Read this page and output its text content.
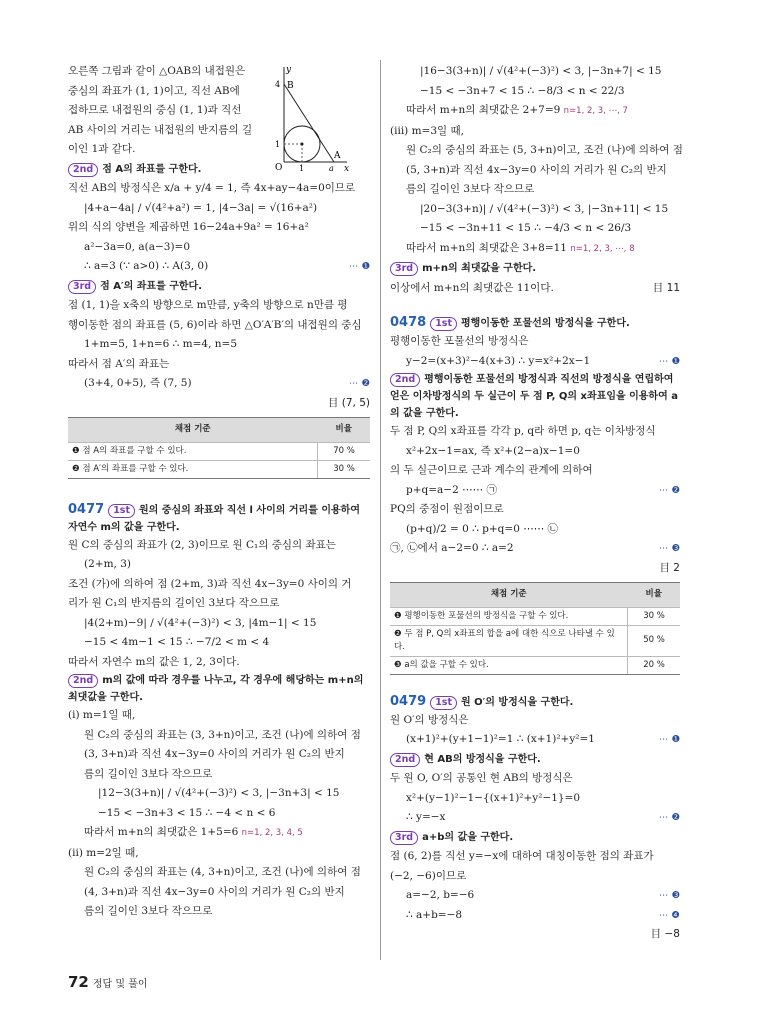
y
B
4
1
O 1	a
A
x
오른쪽 그림과 같이 △OAB의 내접원은
중심의 좌표가 (1, 1)이고, 직선 AB에
접하므로 내접원의 중심 (1, 1)과 직선
AB 사이의 거리는 내접원의 반지름의 길
이인 1과 같다.
2nd 점 A의 좌표를 구한다.
직선 AB의 방정식은 x/a + y/4 = 1, 즉 4x+ay−4a=0이므로
|4+a−4a| / √(4²+a²) = 1, |4−3a| = √(16+a²)
위의 식의 양변을 제곱하면 16−24a+9a² = 16+a²
a²−3a=0, a(a−3)=0
∴ a=3 (∵ a>0) ∴ A(3, 0)	⋯ ❶
3rd 점 A′의 좌표를 구한다.
점 (1, 1)을 x축의 방향으로 m만큼, y축의 방향으로 n만큼 평
행이동한 점의 좌표를 (5, 6)이라 하면 △O′A′B′의 내접원의 중심
1+m=5, 1+n=6 ∴ m=4, n=5
따라서 점 A′의 좌표는
(3+4, 0+5), 즉 (7, 5)	⋯ ❷
目 (7, 5)
채점 기준	비율
❶ 점 A의 좌표를 구할 수 있다.	70 %
❷ 점 A′의 좌표를 구할 수 있다.	30 %
0477 1st 원의 중심의 좌표와 직선 l 사이의 거리를 이용하여 자연수 m의 값을 구한다.
원 C의 중심의 좌표가 (2, 3)이므로 원 C₁의 중심의 좌표는
(2+m, 3)
조건 (가)에 의하여 점 (2+m, 3)과 직선 4x−3y=0 사이의 거
리가 원 C₁의 반지름의 길이인 3보다 작으므로
|4(2+m)−9| / √(4²+(−3)²) < 3, |4m−1| < 15
−15 < 4m−1 < 15 ∴ −7/2 < m < 4
따라서 자연수 m의 값은 1, 2, 3이다.
2nd m의 값에 따라 경우를 나누고, 각 경우에 해당하는 m+n의 최댓값을 구한다.
(i) m=1일 때,
원 C₂의 중심의 좌표는 (3, 3+n)이고, 조건 (나)에 의하여 점
(3, 3+n)과 직선 4x−3y=0 사이의 거리가 원 C₂의 반지
름의 길이인 3보다 작으므로
|12−3(3+n)| / √(4²+(−3)²) < 3, |−3n+3| < 15
−15 < −3n+3 < 15 ∴ −4 < n < 6
따라서 m+n의 최댓값은 1+5=6 n=1, 2, 3, 4, 5
(ii) m=2일 때,
원 C₂의 중심의 좌표는 (4, 3+n)이고, 조건 (나)에 의하여 점
(4, 3+n)과 직선 4x−3y=0 사이의 거리가 원 C₂의 반지
름의 길이인 3보다 작으므로
|16−3(3+n)| / √(4²+(−3)²) < 3, |−3n+7| < 15
−15 < −3n+7 < 15 ∴ −8/3 < n < 22/3
따라서 m+n의 최댓값은 2+7=9 n=1, 2, 3, ⋯, 7
(iii) m=3일 때,
원 C₂의 중심의 좌표는 (5, 3+n)이고, 조건 (나)에 의하여 점
(5, 3+n)과 직선 4x−3y=0 사이의 거리가 원 C₂의 반지
름의 길이인 3보다 작으므로
|20−3(3+n)| / √(4²+(−3)²) < 3, |−3n+11| < 15
−15 < −3n+11 < 15 ∴ −4/3 < n < 26/3
따라서 m+n의 최댓값은 3+8=11 n=1, 2, 3, ⋯, 8
3rd m+n의 최댓값을 구한다.
이상에서 m+n의 최댓값은 11이다.	目 11
0478 1st 평행이동한 포물선의 방정식을 구한다.
평행이동한 포물선의 방정식은
y−2=(x+3)²−4(x+3) ∴ y=x²+2x−1	⋯ ❶
2nd 평행이동한 포물선의 방정식과 직선의 방정식을 연립하여 얻은 이차방정식의 두 실근이 두 점 P, Q의 x좌표임을 이용하여 a의 값을 구한다.
두 점 P, Q의 x좌표를 각각 p, q라 하면 p, q는 이차방정식
x²+2x−1=ax, 즉 x²+(2−a)x−1=0
의 두 실근이므로 근과 계수의 관계에 의하여
p+q=a−2 ⋯⋯ ㉠	⋯ ❷
PQ의 중점이 원점이므로
(p+q)/2 = 0 ∴ p+q=0 ⋯⋯ ㉡
㉠, ㉡에서 a−2=0 ∴ a=2	⋯ ❸
目 2
채점 기준	비율
❶ 평행이동한 포물선의 방정식을 구할 수 있다.	30 %
❷ 두 점 P, Q의 x좌표의 합을 a에 대한 식으로 나타낼 수 있다.	50 %
❸ a의 값을 구할 수 있다.	20 %
0479 1st 원 O′의 방정식을 구한다.
원 O′의 방정식은
(x+1)²+(y+1−1)²=1 ∴ (x+1)²+y²=1	⋯ ❶
2nd 현 AB의 방정식을 구한다.
두 원 O, O′의 공통인 현 AB의 방정식은
x²+(y−1)²−1−{(x+1)²+y²−1}=0
∴ y=−x	⋯ ❷
3rd a+b의 값을 구한다.
점 (6, 2)를 직선 y=−x에 대하여 대칭이동한 점의 좌표가
(−2, −6)이므로
a=−2, b=−6	⋯ ❸
∴ a+b=−8	⋯ ❹
目 −8
72 정답 및 풀이
